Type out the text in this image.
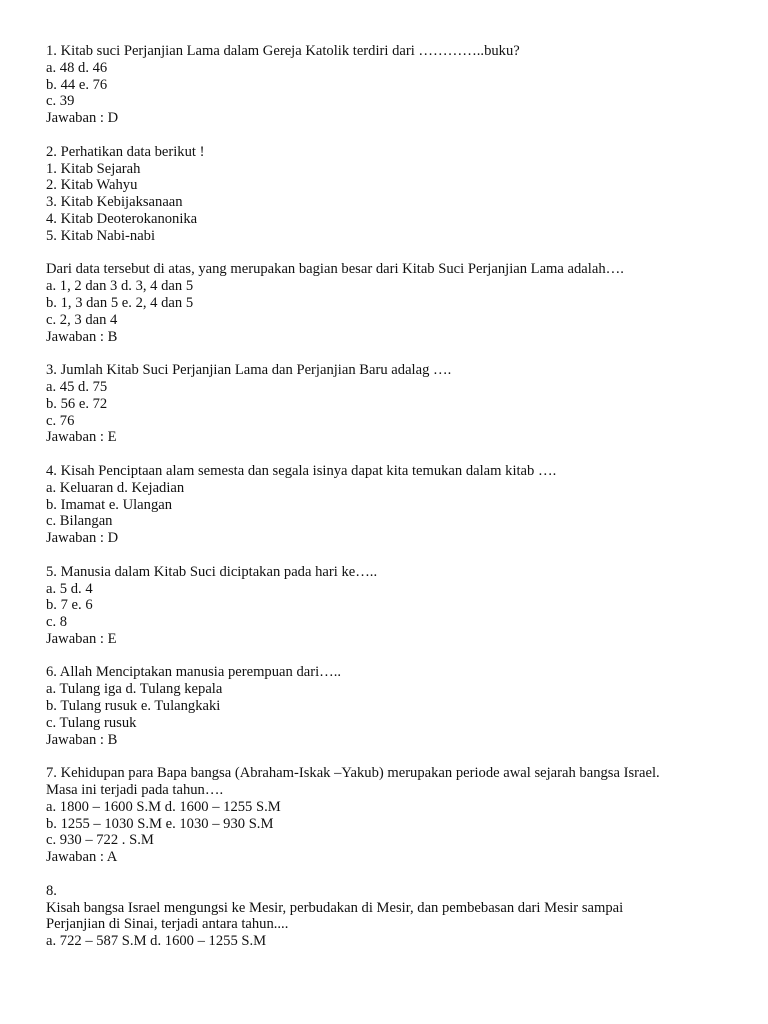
1. Kitab suci Perjanjian Lama dalam Gereja Katolik terdiri dari …………..buku?
a. 48 d. 46
b. 44 e. 76
c. 39
Jawaban : D
2. Perhatikan data berikut !
1. Kitab Sejarah
2. Kitab Wahyu
3. Kitab Kebijaksanaan
4. Kitab Deoterokanonika
5. Kitab Nabi-nabi
Dari data tersebut di atas, yang merupakan bagian besar dari Kitab Suci Perjanjian Lama adalah….
a. 1, 2 dan 3 d. 3, 4 dan 5
b. 1, 3 dan 5 e. 2, 4 dan 5
c. 2, 3 dan 4
Jawaban : B
3. Jumlah Kitab Suci Perjanjian Lama dan Perjanjian Baru adalag ….
a. 45 d. 75
b. 56 e. 72
c. 76
Jawaban : E
4. Kisah Penciptaan alam semesta dan segala isinya dapat kita temukan dalam kitab ….
a. Keluaran d. Kejadian
b. Imamat e. Ulangan
c. Bilangan
Jawaban : D
5. Manusia dalam Kitab Suci diciptakan pada hari ke…..
a. 5 d. 4
b. 7 e. 6
c. 8
Jawaban : E
6. Allah Menciptakan manusia perempuan dari…..
a. Tulang iga d. Tulang kepala
b. Tulang rusuk e. Tulangkaki
c. Tulang rusuk
Jawaban : B
7. Kehidupan para Bapa bangsa (Abraham-Iskak –Yakub) merupakan periode awal sejarah bangsa Israel.
Masa ini terjadi pada tahun….
a. 1800 – 1600 S.M d. 1600 – 1255 S.M
b. 1255 – 1030 S.M e. 1030 – 930 S.M
c. 930 – 722 . S.M
Jawaban : A
8.
Kisah bangsa Israel mengungsi ke Mesir, perbudakan di Mesir, dan pembebasan dari Mesir sampai
Perjanjian di Sinai, terjadi antara tahun....
a. 722 – 587 S.M d. 1600 – 1255 S.M
